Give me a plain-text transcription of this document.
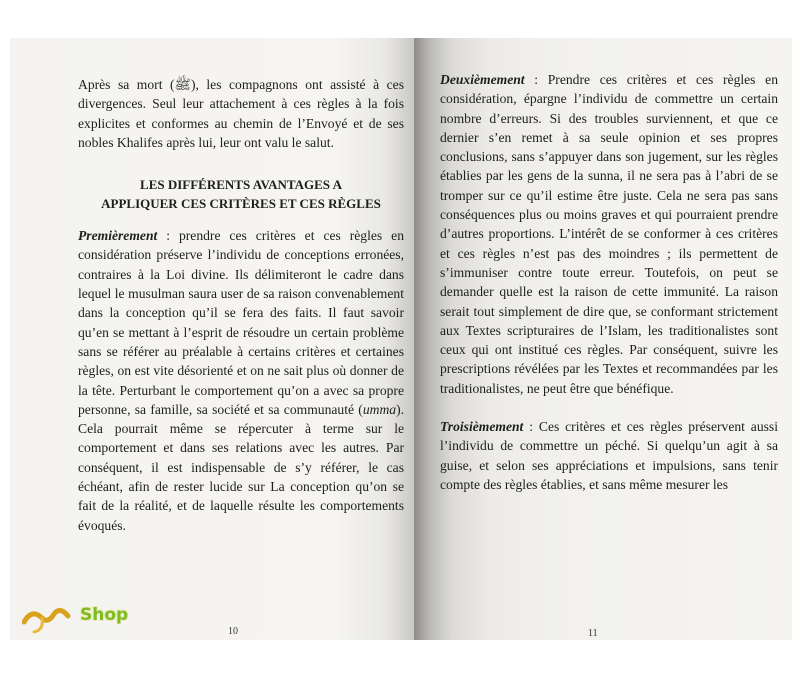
Après sa mort (ﷺ), les compagnons ont assisté à ces divergences. Seul leur attachement à ces règles à la fois explicites et conformes au chemin de l’Envoyé et de ses nobles Khalifes après lui, leur ont valu le salut.

LES DIFFÉRENTS AVANTAGES A
APPLIQUER CES CRITÈRES ET CES RÈGLES

Premièrement : prendre ces critères et ces règles en considération préserve l’individu de conceptions erronées, contraires à la Loi divine. Ils délimiteront le cadre dans lequel le musulman saura user de sa raison convenablement dans la conception qu’il se fera des faits. Il faut savoir qu’en se mettant à l’esprit de résoudre un certain problème sans se référer au préalable à certains critères et certaines règles, on est vite désorienté et on ne sait plus où donner de la tête. Perturbant le comportement qu’on a avec sa propre personne, sa famille, sa société et sa communauté (umma). Cela pourrait même se répercuter à terme sur le comportement et dans ses relations avec les autres. Par conséquent, il est indispensable de s’y référer, le cas échéant, afin de rester lucide sur La conception qu’on se fait de la réalité, et de laquelle résulte les comportements évoqués.

10

Deuxièmement : Prendre ces critères et ces règles en considération, épargne l’individu de commettre un certain nombre d’erreurs. Si des troubles surviennent, et que ce dernier s’en remet à sa seule opinion et ses propres conclusions, sans s’appuyer dans son jugement, sur les règles établies par les gens de la sunna, il ne sera pas à l’abri de se tromper sur ce qu’il estime être juste. Cela ne sera pas sans conséquences plus ou moins graves et qui pourraient prendre d’autres proportions. L’intérêt de se conformer à ces critères et ces règles n’est pas des moindres ; ils permettent de s’immuniser contre toute erreur. Toutefois, on peut se demander quelle est la raison de cette immunité. La raison serait tout simplement de dire que, se conformant strictement aux Textes scripturaires de l’Islam, les traditionalistes sont ceux qui ont institué ces règles. Par conséquent, suivre les prescriptions révélées par les Textes et recommandées par les traditionalistes, ne peut être que bénéfique.

Troisièmement : Ces critères et ces règles préservent aussi l’individu de commettre un péché. Si quelqu’un agit à sa guise, et selon ses appréciations et impulsions, sans tenir compte des règles établies, et sans même mesurer les

11
Shop
